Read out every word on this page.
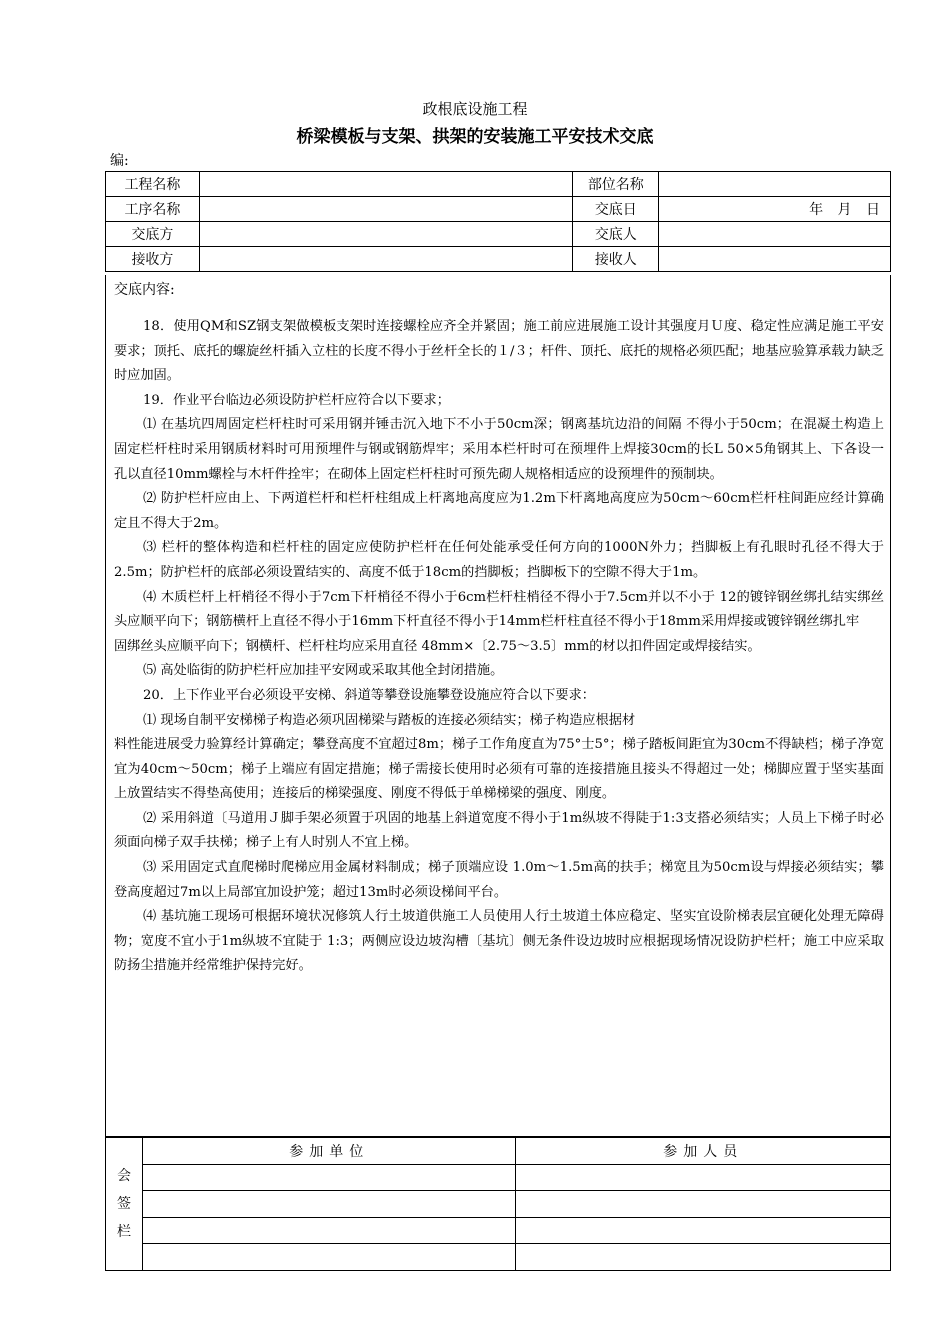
政根底设施工程
桥梁模板与支架、拱架的安装施工平安技术交底
编:
工程名称		部位名称	
工序名称		交底日	年 月 日
交底方		交底人	
接收方		接收人	
交底内容:

18．使用QM和SZ钢支架做模板支架时连接螺栓应齐全并紧固；施工前应进展施工设计其强度月Ｕ度、稳定性应满足施工平安要求；顶托、底托的螺旋丝杆插入立柱的长度不得小于丝杆全长的１/３；杆件、顶托、底托的规格必须匹配；地基应验算承载力缺乏时应加固。

19．作业平台临边必须设防护栏杆应符合以下要求；

⑴ 在基坑四周固定栏杆柱时可采用钢并锤击沉入地下不小于50cm深；钢离基坑边沿的间隔 不得小于50cm；在混凝土构造上固定栏杆柱时采用钢质材料时可用预埋件与钢或钢筋焊牢；采用本栏杆时可在预埋件上焊接30cm的长L 50×5角钢其上、下各设一孔以直径10mm螺栓与木杆件拴牢；在砌体上固定栏杆柱时可预先砌人规格相适应的设预埋件的预制块。

⑵ 防护栏杆应由上、下两道栏杆和栏杆柱组成上杆离地高度应为1.2m下杆离地高度应为50cm～60cm栏杆柱间距应经计算确定且不得大于2m。

⑶ 栏杆的整体构造和栏杆柱的固定应使防护栏杆在任何处能承受任何方向的1000N外力；挡脚板上有孔眼时孔径不得大于 2.5m；防护栏杆的底部必须设置结实的、高度不低于18cm的挡脚板；挡脚板下的空隙不得大于1m。

⑷ 木质栏杆上杆梢径不得小于7cm下杆梢径不得小于6cm栏杆柱梢径不得小于7.5cm并以不小于 12的镀锌钢丝绑扎结实绑丝头应顺平向下；钢筋横杆上直径不得小于16mm下杆直径不得小于14mm栏杆柱直径不得小于18mm采用焊接或镀锌钢丝绑扎牢

固绑丝头应顺平向下；钢横杆、栏杆柱均应采用直径 48mm×〔2.75～3.5〕mm的材以扣件固定或焊接结实。

⑸ 高处临街的防护栏杆应加挂平安网或采取其他全封闭措施。

20．上下作业平台必须设平安梯、斜道等攀登设施攀登设施应符合以下要求：

⑴ 现场自制平安梯梯子构造必须巩固梯梁与踏板的连接必须结实；梯子构造应根据材

料性能进展受力验算经计算确定；攀登高度不宜超过8m；梯子工作角度直为75°士5°；梯子踏板间距宜为30cm不得缺档；梯子净宽宜为40cm～50cm；梯子上端应有固定措施；梯子需接长使用时必须有可靠的连接措施且接头不得超过一处；梯脚应置于坚实基面上放置结实不得垫高使用；连接后的梯梁强度、刚度不得低于单梯梯梁的强度、刚度。

⑵ 采用斜道〔马道用Ｊ脚手架必须置于巩固的地基上斜道宽度不得小于1m纵坡不得陡于1:3支搭必须结实；人员上下梯子时必须面向梯子双手扶梯；梯子上有人时别人不宜上梯。

⑶ 采用固定式直爬梯时爬梯应用金属材料制成；梯子顶端应设 1.0m～1.5m高的扶手；梯宽且为50cm设与焊接必须结实；攀登高度超过7m以上局部宜加设护笼；超过13m时必须设梯间平台。

⑷ 基坑施工现场可根据环境状况修筑人行土坡道供施工人员使用人行土坡道土体应稳定、坚实宜设阶梯表层宜硬化处理无障碍物；宽度不宜小于1m纵坡不宜陡于 1:3；两侧应设边坡沟槽〔基坑〕侧无条件设边坡时应根据现场情况设防护栏杆；施工中应采取防扬尘措施并经常维护保持完好。

会
签
栏	参加单位	参加人员
